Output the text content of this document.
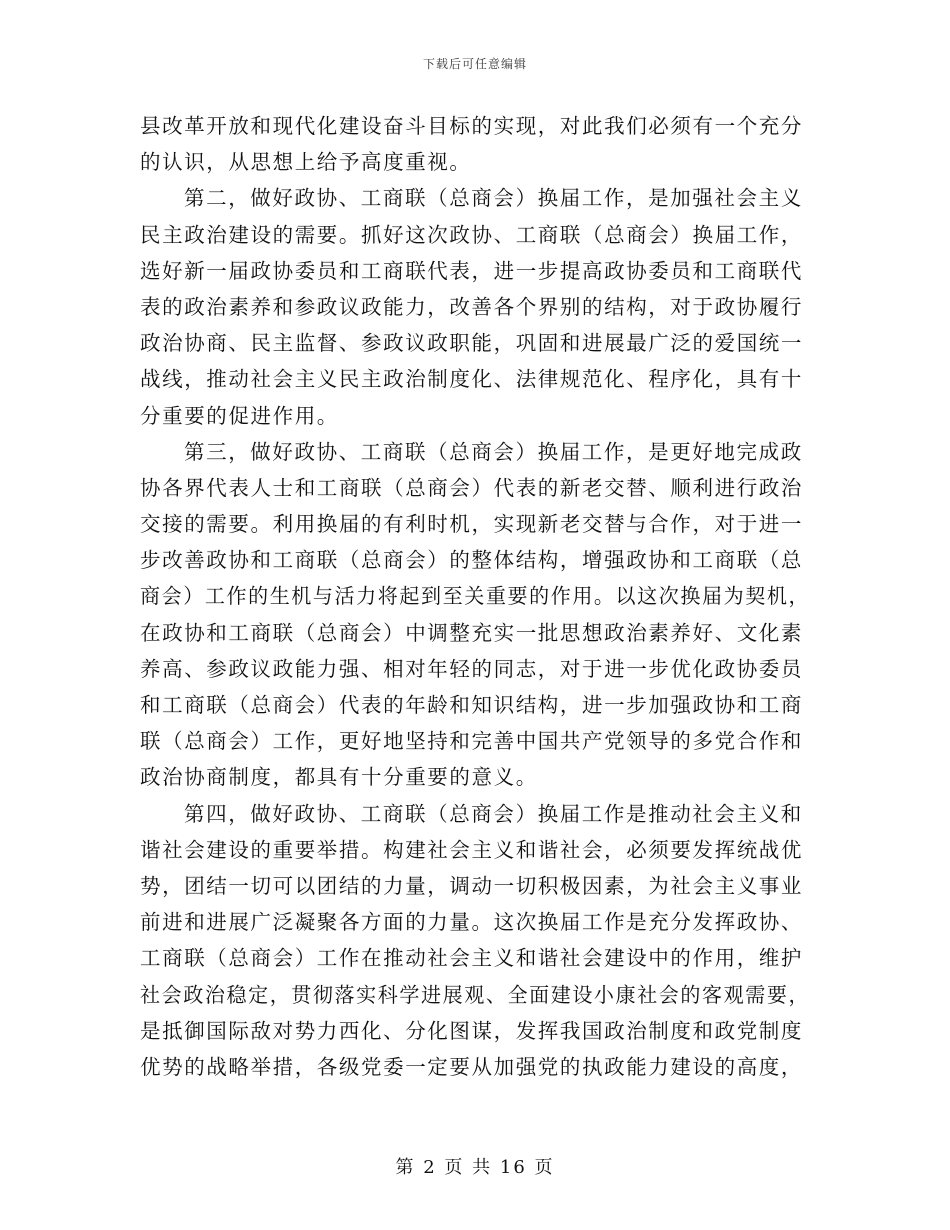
下载后可任意编辑
县改革开放和现代化建设奋斗目标的实现，对此我们必须有一个充分
的认识，从思想上给予高度重视。
第二，做好政协、工商联（总商会）换届工作，是加强社会主义
民主政治建设的需要。抓好这次政协、工商联（总商会）换届工作，
选好新一届政协委员和工商联代表，进一步提高政协委员和工商联代
表的政治素养和参政议政能力，改善各个界别的结构，对于政协履行
政治协商、民主监督、参政议政职能，巩固和进展最广泛的爱国统一
战线，推动社会主义民主政治制度化、法律规范化、程序化，具有十
分重要的促进作用。
第三，做好政协、工商联（总商会）换届工作，是更好地完成政
协各界代表人士和工商联（总商会）代表的新老交替、顺利进行政治
交接的需要。利用换届的有利时机，实现新老交替与合作，对于进一
步改善政协和工商联（总商会）的整体结构，增强政协和工商联（总
商会）工作的生机与活力将起到至关重要的作用。以这次换届为契机，
在政协和工商联（总商会）中调整充实一批思想政治素养好、文化素
养高、参政议政能力强、相对年轻的同志，对于进一步优化政协委员
和工商联（总商会）代表的年龄和知识结构，进一步加强政协和工商
联（总商会）工作，更好地坚持和完善中国共产党领导的多党合作和
政治协商制度，都具有十分重要的意义。
第四，做好政协、工商联（总商会）换届工作是推动社会主义和
谐社会建设的重要举措。构建社会主义和谐社会，必须要发挥统战优
势，团结一切可以团结的力量，调动一切积极因素，为社会主义事业
前进和进展广泛凝聚各方面的力量。这次换届工作是充分发挥政协、
工商联（总商会）工作在推动社会主义和谐社会建设中的作用，维护
社会政治稳定，贯彻落实科学进展观、全面建设小康社会的客观需要，
是抵御国际敌对势力西化、分化图谋，发挥我国政治制度和政党制度
优势的战略举措，各级党委一定要从加强党的执政能力建设的高度，
第 2 页 共 16 页
